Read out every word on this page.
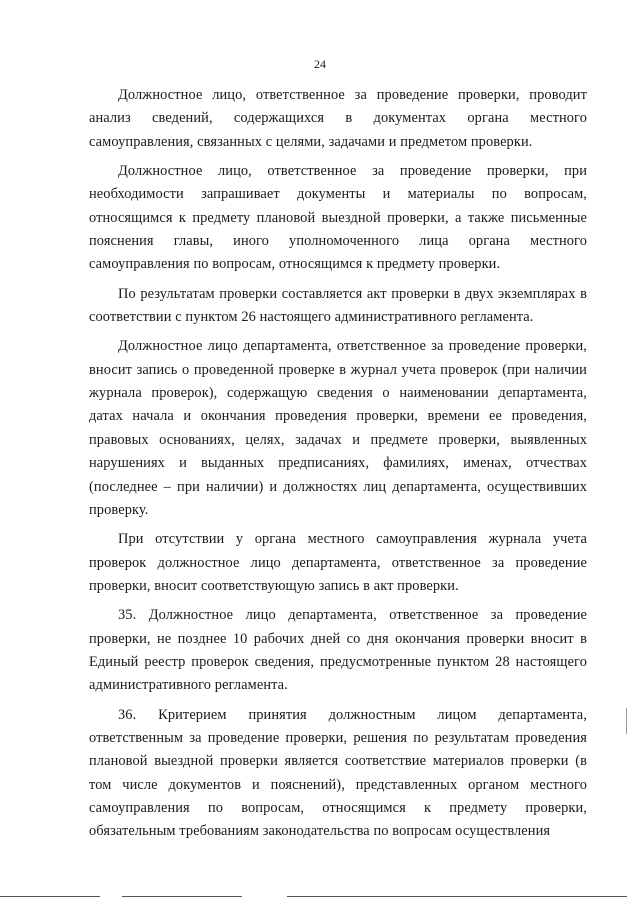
24

Должностное лицо, ответственное за проведение проверки, проводит анализ сведений, содержащихся в документах органа местного самоуправления, связанных с целями, задачами и предметом проверки.

Должностное лицо, ответственное за проведение проверки, при необходимости запрашивает документы и материалы по вопросам, относящимся к предмету плановой выездной проверки, а также письменные пояснения главы, иного уполномоченного лица органа местного самоуправления по вопросам, относящимся к предмету проверки.

По результатам проверки составляется акт проверки в двух экземплярах в соответствии с пунктом 26 настоящего административного регламента.

Должностное лицо департамента, ответственное за проведение проверки, вносит запись о проведенной проверке в журнал учета проверок (при наличии журнала проверок), содержащую сведения о наименовании департамента, датах начала и окончания проведения проверки, времени ее проведения, правовых основаниях, целях, задачах и предмете проверки, выявленных нарушениях и выданных предписаниях, фамилиях, именах, отчествах (последнее – при наличии) и должностях лиц департамента, осуществивших проверку.

При отсутствии у органа местного самоуправления журнала учета проверок должностное лицо департамента, ответственное за проведение проверки, вносит соответствующую запись в акт проверки.

35. Должностное лицо департамента, ответственное за проведение проверки, не позднее 10 рабочих дней со дня окончания проверки вносит в Единый реестр проверок сведения, предусмотренные пунктом 28 настоящего административного регламента.

36. Критерием принятия должностным лицом департамента, ответственным за проведение проверки, решения по результатам проведения плановой выездной проверки является соответствие материалов проверки (в том числе документов и пояснений), представленных органом местного самоуправления по вопросам, относящимся к предмету проверки, обязательным требованиям законодательства по вопросам осуществления
